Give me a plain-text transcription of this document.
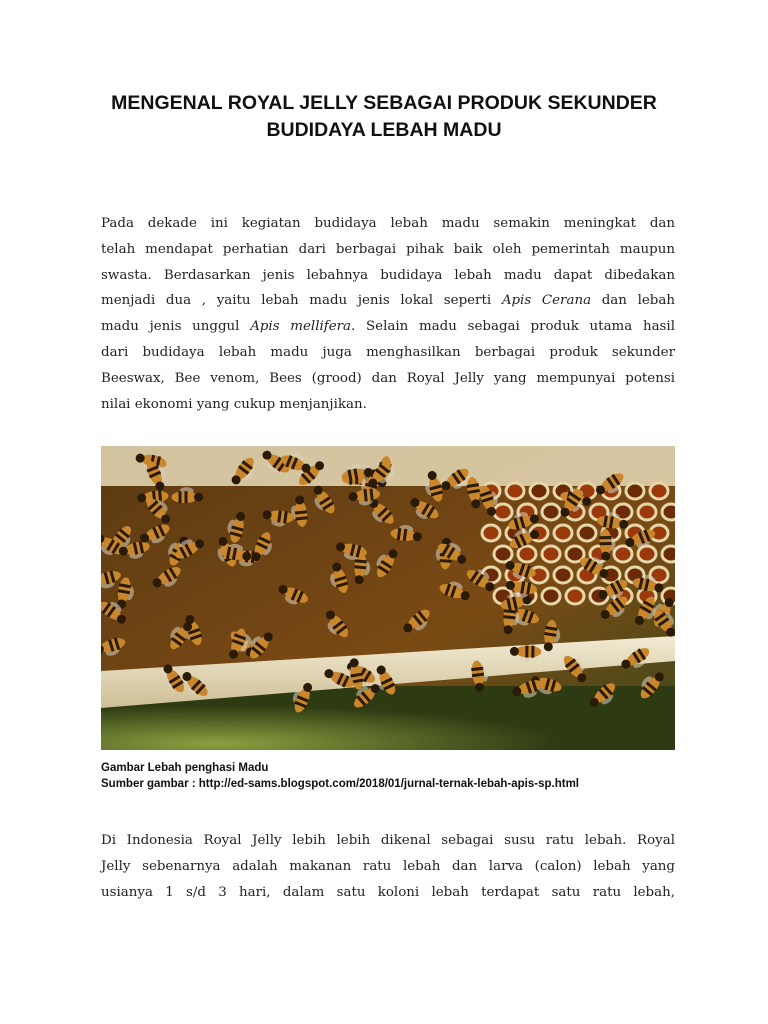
MENGENAL ROYAL JELLY SEBAGAI PRODUK SEKUNDER
BUDIDAYA LEBAH MADU

Pada dekade ini kegiatan budidaya lebah madu semakin meningkat dan
telah mendapat perhatian dari berbagai pihak baik oleh pemerintah maupun
swasta. Berdasarkan jenis lebahnya budidaya lebah madu dapat dibedakan
menjadi dua , yaitu lebah madu jenis lokal seperti Apis Cerana dan lebah
madu jenis unggul Apis mellifera. Selain madu sebagai produk utama hasil
dari budidaya lebah madu juga menghasilkan berbagai produk sekunder
Beeswax, Bee venom, Bees (grood) dan Royal Jelly yang mempunyai potensi
nilai ekonomi yang cukup menjanjikan.

Gambar Lebah penghasi Madu
Sumber gambar : http://ed-sams.blogspot.com/2018/01/jurnal-ternak-lebah-apis-sp.html

Di Indonesia Royal Jelly lebih lebih dikenal sebagai susu ratu lebah. Royal
Jelly sebenarnya adalah makanan ratu lebah dan larva (calon) lebah yang
usianya 1 s/d 3 hari, dalam satu koloni lebah terdapat satu ratu lebah,
